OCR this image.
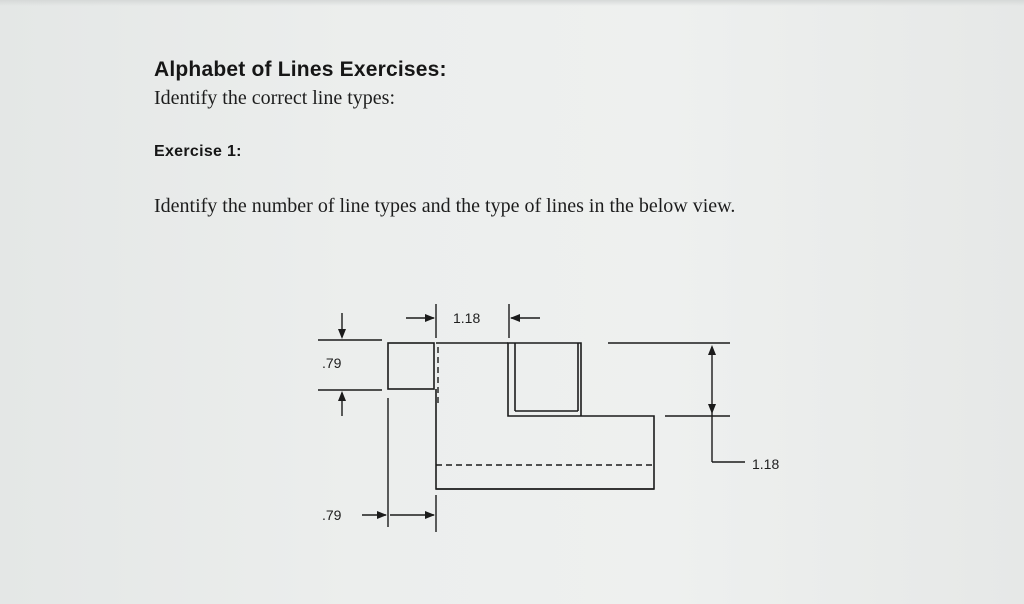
Alphabet of Lines Exercises:
Identify the correct line types:
Exercise 1:
Identify the number of line types and the type of lines in the below view.
1.18
.79
1.18
.79
